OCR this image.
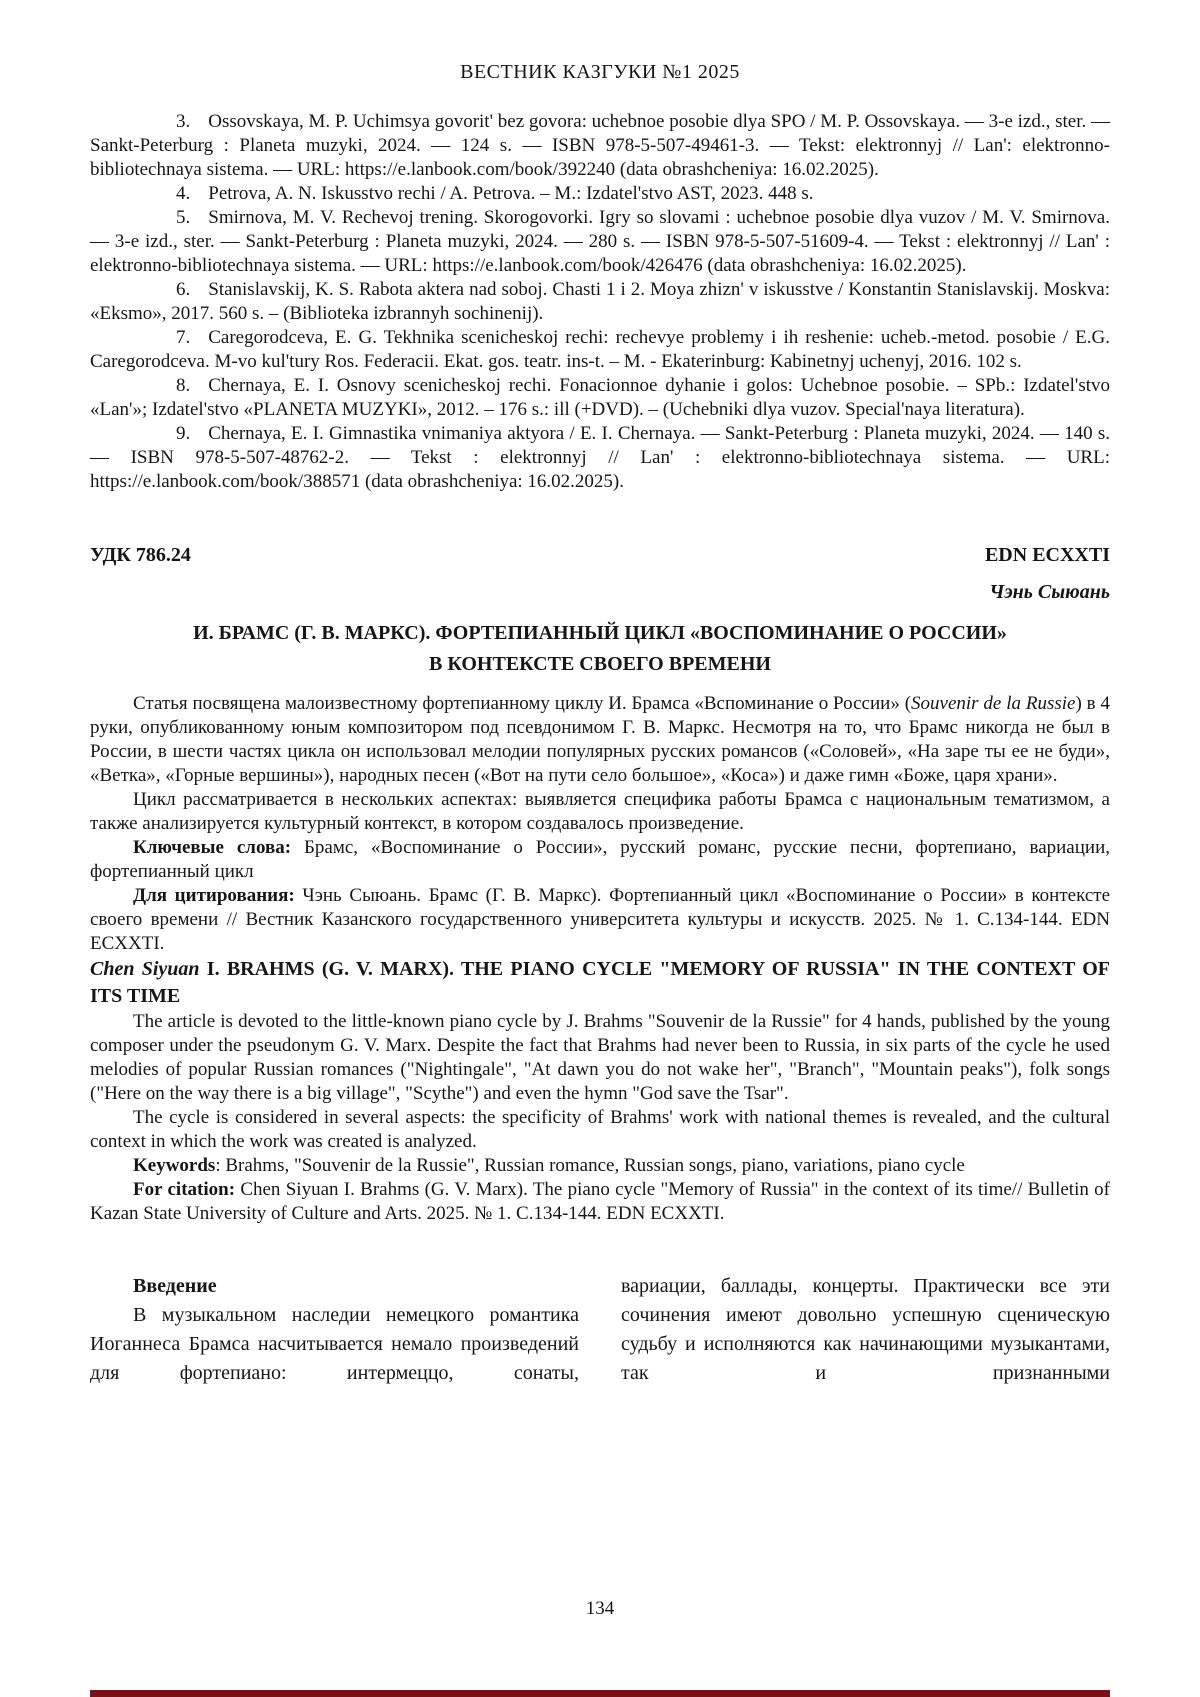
ВЕСТНИК КАЗГУКИ №1 2025

3. Ossovskaya, M. P. Uchimsya govorit' bez govora: uchebnoe posobie dlya SPO / M. P. Ossovskaya. — 3-e izd., ster. — Sankt-Peterburg : Planeta muzyki, 2024. — 124 s. — ISBN 978-5-507-49461-3. — Tekst: elektronnyj // Lan': elektronno-bibliotechnaya sistema. — URL: https://e.lanbook.com/book/392240 (data obrashcheniya: 16.02.2025).

4. Petrova, A. N. Iskusstvo rechi / A. Petrova. – M.: Izdatel'stvo AST, 2023. 448 s.

5. Smirnova, M. V. Rechevoj trening. Skorogovorki. Igry so slovami : uchebnoe posobie dlya vuzov / M. V. Smirnova. — 3-e izd., ster. — Sankt-Peterburg : Planeta muzyki, 2024. — 280 s. — ISBN 978-5-507-51609-4. — Tekst : elektronnyj // Lan' : elektronno-bibliotechnaya sistema. — URL: https://e.lanbook.com/book/426476 (data obrashcheniya: 16.02.2025).

6. Stanislavskij, K. S. Rabota aktera nad soboj. Chasti 1 i 2. Moya zhizn' v iskusstve / Konstantin Stanislavskij. Moskva: «Eksmo», 2017. 560 s. – (Biblioteka izbrannyh sochinenij).

7. Caregorodceva, E. G. Tekhnika scenicheskoj rechi: rechevye problemy i ih reshenie: ucheb.-metod. posobie / E.G. Caregorodceva. M-vo kul'tury Ros. Federacii. Ekat. gos. teatr. ins-t. – M. - Ekaterinburg: Kabinetnyj uchenyj, 2016. 102 s.

8. Chernaya, E. I. Osnovy scenicheskoj rechi. Fonacionnoe dyhanie i golos: Uchebnoe posobie. – SPb.: Izdatel'stvo «Lan'»; Izdatel'stvo «PLANETA MUZYKI», 2012. – 176 s.: ill (+DVD). – (Uchebniki dlya vuzov. Special'naya literatura).

9. Chernaya, E. I. Gimnastika vnimaniya aktyora / E. I. Chernaya. — Sankt-Peterburg : Planeta muzyki, 2024. — 140 s. — ISBN 978-5-507-48762-2. — Tekst : elektronnyj // Lan' : elektronno-bibliotechnaya sistema. — URL: https://e.lanbook.com/book/388571 (data obrashcheniya: 16.02.2025).

УДК 786.24	EDN ECXXTI
Чэнь Сыюань
И. БРАМС (Г. В. МАРКС). ФОРТЕПИАННЫЙ ЦИКЛ «ВОСПОМИНАНИЕ О РОССИИ»
В КОНТЕКСТЕ СВОЕГО ВРЕМЕНИ

Статья посвящена малоизвестному фортепианному циклу И. Брамса «Вспоминание о России» (Souvenir de la Russie) в 4 руки, опубликованному юным композитором под псевдонимом Г. В. Маркс. Несмотря на то, что Брамс никогда не был в России, в шести частях цикла он использовал мелодии популярных русских романсов («Соловей», «На заре ты ее не буди», «Ветка», «Горные вершины»), народных песен («Вот на пути село большое», «Коса») и даже гимн «Боже, царя храни».

Цикл рассматривается в нескольких аспектах: выявляется специфика работы Брамса с национальным тематизмом, а также анализируется культурный контекст, в котором создавалось произведение.

Ключевые слова: Брамс, «Воспоминание о России», русский романс, русские песни, фортепиано, вариации, фортепианный цикл

Для цитирования: Чэнь Сыюань. Брамс (Г. В. Маркс). Фортепианный цикл «Воспоминание о России» в контексте своего времени // Вестник Казанского государственного университета культуры и искусств. 2025. № 1. С.134-144. EDN ECXXTI.

Chen Siyuan I. BRAHMS (G. V. MARX). THE PIANO CYCLE "MEMORY OF RUSSIA" IN THE CONTEXT OF ITS TIME

The article is devoted to the little-known piano cycle by J. Brahms "Souvenir de la Russie" for 4 hands, published by the young composer under the pseudonym G. V. Marx. Despite the fact that Brahms had never been to Russia, in six parts of the cycle he used melodies of popular Russian romances ("Nightingale", "At dawn you do not wake her", "Branch", "Mountain peaks"), folk songs ("Here on the way there is a big village", "Scythe") and even the hymn "God save the Tsar".

The cycle is considered in several aspects: the specificity of Brahms' work with national themes is revealed, and the cultural context in which the work was created is analyzed.

Keywords: Brahms, "Souvenir de la Russie", Russian romance, Russian songs, piano, variations, piano cycle

For citation: Chen Siyuan I. Brahms (G. V. Marx). The piano cycle "Memory of Russia" in the context of its time// Bulletin of Kazan State University of Culture and Arts. 2025. № 1. С.134-144. EDN ECXXTI.

Введение

В музыкальном наследии немецкого романтика Иоганнеса Брамса насчитывается немало произведений для фортепиано: интермеццо, сонаты,

вариации, баллады, концерты. Практически все эти сочинения имеют довольно успешную сценическую судьбу и исполняются как начинающими музыкантами, так и признанными

134
